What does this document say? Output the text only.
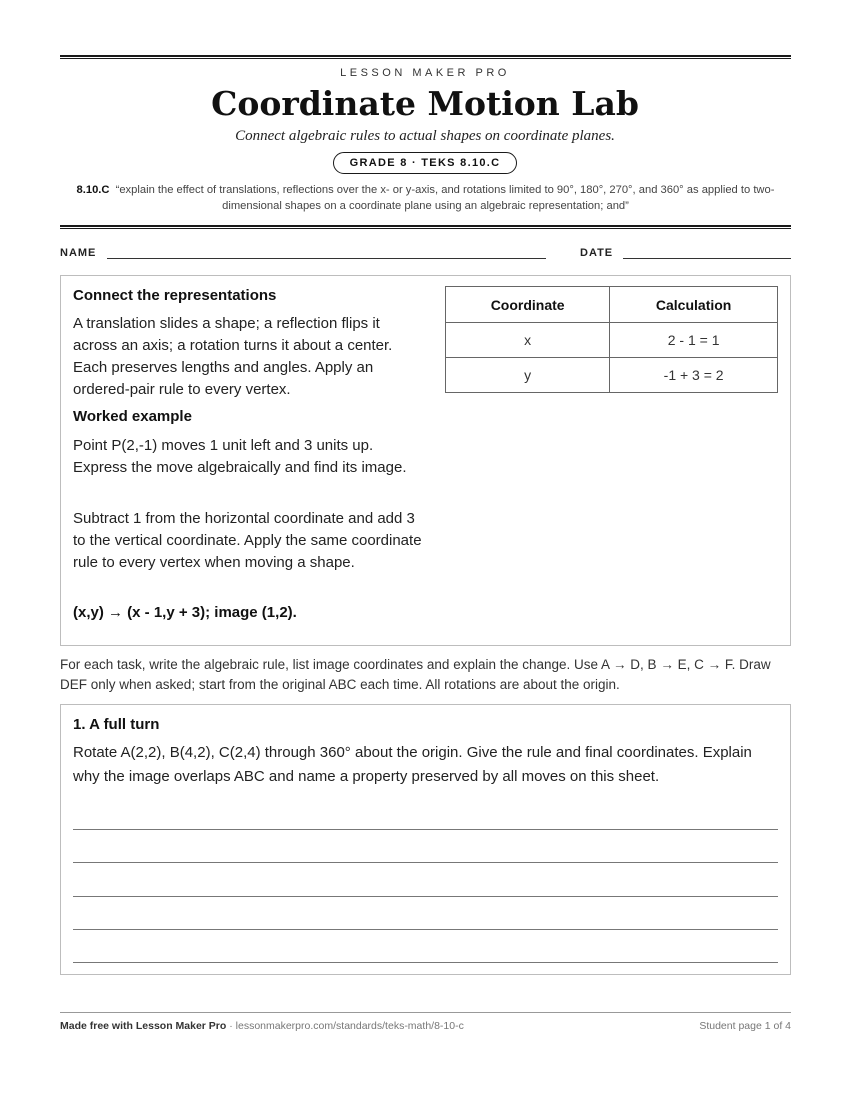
LESSON MAKER PRO
Coordinate Motion Lab
Connect algebraic rules to actual shapes on coordinate planes.
GRADE 8 · TEKS 8.10.C
8.10.C “explain the effect of translations, reflections over the x- or y-axis, and rotations limited to 90°, 180°, 270°, and 360° as applied to two-dimensional shapes on a coordinate plane using an algebraic representation; and”
NAME	DATE
Connect the representations
A translation slides a shape; a reflection flips it across an axis; a rotation turns it about a center. Each preserves lengths and angles. Apply an ordered-pair rule to every vertex.
Worked example
Point P(2,-1) moves 1 unit left and 3 units up. Express the move algebraically and find its image.
Subtract 1 from the horizontal coordinate and add 3 to the vertical coordinate. Apply the same coordinate rule to every vertex when moving a shape.
(x,y) → (x - 1,y + 3); image (1,2).
Coordinate	Calculation
x	2 - 1 = 1
y	-1 + 3 = 2
For each task, write the algebraic rule, list image coordinates and explain the change. Use A → D, B → E, C → F. Draw DEF only when asked; start from the original ABC each time. All rotations are about the origin.
1. A full turn
Rotate A(2,2), B(4,2), C(2,4) through 360° about the origin. Give the rule and final coordinates. Explain why the image overlaps ABC and name a property preserved by all moves on this sheet.
Made free with Lesson Maker Pro · lessonmakerpro.com/standards/teks-math/8-10-c	Student page 1 of 4
